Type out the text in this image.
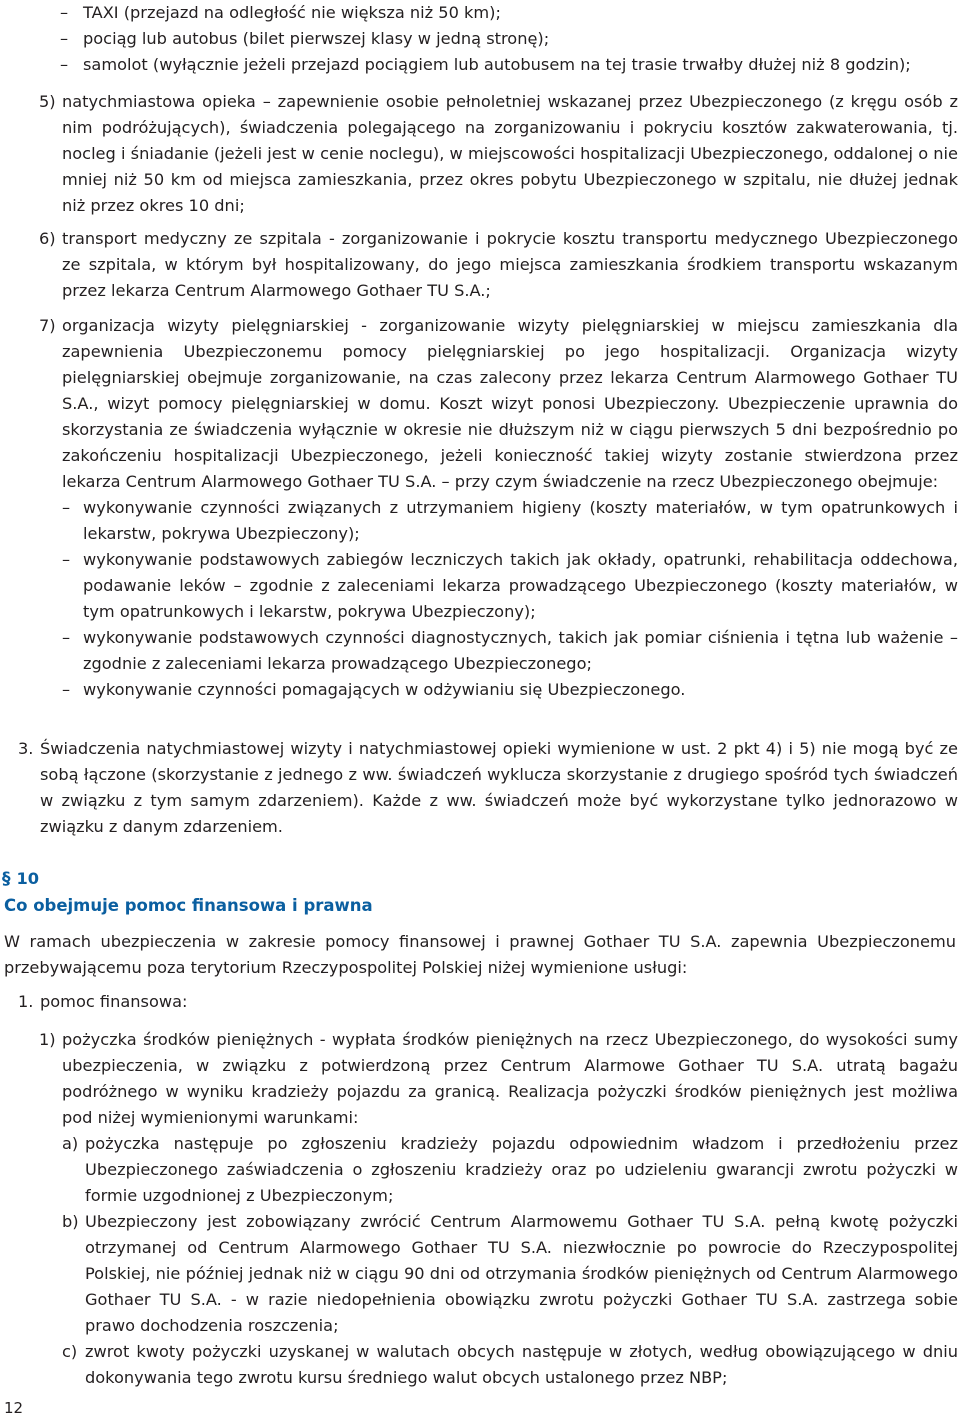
– TAXI (przejazd na odległość nie większa niż 50 km);

– pociąg lub autobus (bilet pierwszej klasy w jedną stronę);

– samolot (wyłącznie jeżeli przejazd pociągiem lub autobusem na tej trasie trwałby dłużej niż 8 godzin);

5) natychmiastowa opieka – zapewnienie osobie pełnoletniej wskazanej przez Ubezpieczonego (z kręgu osób z nim podróżujących), świadczenia polegającego na zorganizowaniu i pokryciu kosztów zakwaterowania, tj. nocleg i śniadanie (jeżeli jest w cenie noclegu), w miejscowości hospitalizacji Ubezpieczonego, oddalonej o nie mniej niż 50 km od miejsca zamieszkania, przez okres pobytu Ubezpieczonego w szpitalu, nie dłużej jednak niż przez okres 10 dni;

6) transport medyczny ze szpitala - zorganizowanie i pokrycie kosztu transportu medycznego Ubezpieczonego ze szpitala, w którym był hospitalizowany, do jego miejsca zamieszkania środkiem transportu wskazanym przez lekarza Centrum Alarmowego Gothaer TU S.A.;

7) organizacja wizyty pielęgniarskiej - zorganizowanie wizyty pielęgniarskiej w miejscu zamieszkania dla zapewnienia Ubezpieczonemu pomocy pielęgniarskiej po jego hospitalizacji. Organizacja wizyty pielęgniarskiej obejmuje zorganizowanie, na czas zalecony przez lekarza Centrum Alarmowego Gothaer TU S.A., wizyt pomocy pielęgniarskiej w domu. Koszt wizyt ponosi Ubezpieczony. Ubezpieczenie uprawnia do skorzystania ze świadczenia wyłącznie w okresie nie dłuższym niż w ciągu pierwszych 5 dni bezpośrednio po zakończeniu hospitalizacji Ubezpieczonego, jeżeli konieczność takiej wizyty zostanie stwierdzona przez lekarza Centrum Alarmowego Gothaer TU S.A. – przy czym świadczenie na rzecz Ubezpieczonego obejmuje:

– wykonywanie czynności związanych z utrzymaniem higieny (koszty materiałów, w tym opatrunkowych i lekarstw, pokrywa Ubezpieczony);

– wykonywanie podstawowych zabiegów leczniczych takich jak okłady, opatrunki, rehabilitacja oddechowa, podawanie leków – zgodnie z zaleceniami lekarza prowadzącego Ubezpieczonego (koszty materiałów, w tym opatrunkowych i lekarstw, pokrywa Ubezpieczony);

– wykonywanie podstawowych czynności diagnostycznych, takich jak pomiar ciśnienia i tętna lub ważenie – zgodnie z zaleceniami lekarza prowadzącego Ubezpieczonego;

– wykonywanie czynności pomagających w odżywianiu się Ubezpieczonego.

3. Świadczenia natychmiastowej wizyty i natychmiastowej opieki wymienione w ust. 2 pkt 4) i 5) nie mogą być ze sobą łączone (skorzystanie z jednego z ww. świadczeń wyklucza skorzystanie z drugiego spośród tych świadczeń w związku z tym samym zdarzeniem). Każde z ww. świadczeń może być wykorzystane tylko jednorazowo w związku z danym zdarzeniem.

§ 10
Co obejmuje pomoc finansowa i prawna

W ramach ubezpieczenia w zakresie pomocy finansowej i prawnej Gothaer TU S.A. zapewnia Ubezpieczonemu przebywającemu poza terytorium Rzeczypospolitej Polskiej niżej wymienione usługi:

1. pomoc finansowa:

1) pożyczka środków pieniężnych - wypłata środków pieniężnych na rzecz Ubezpieczonego, do wysokości sumy ubezpieczenia, w związku z potwierdzoną przez Centrum Alarmowe Gothaer TU S.A. utratą bagażu podróżnego w wyniku kradzieży pojazdu za granicą. Realizacja pożyczki środków pieniężnych jest możliwa pod niżej wymienionymi warunkami:

a) pożyczka następuje po zgłoszeniu kradzieży pojazdu odpowiednim władzom i przedłożeniu przez Ubezpieczonego zaświadczenia o zgłoszeniu kradzieży oraz po udzieleniu gwarancji zwrotu pożyczki w formie uzgodnionej z Ubezpieczonym;

b) Ubezpieczony jest zobowiązany zwrócić Centrum Alarmowemu Gothaer TU S.A. pełną kwotę pożyczki otrzymanej od Centrum Alarmowego Gothaer TU S.A. niezwłocznie po powrocie do Rzeczypospolitej Polskiej, nie później jednak niż w ciągu 90 dni od otrzymania środków pieniężnych od Centrum Alarmowego Gothaer TU S.A. - w razie niedopełnienia obowiązku zwrotu pożyczki Gothaer TU S.A. zastrzega sobie prawo dochodzenia roszczenia;

c) zwrot kwoty pożyczki uzyskanej w walutach obcych następuje w złotych, według obowiązującego w dniu dokonywania tego zwrotu kursu średniego walut obcych ustalonego przez NBP;

12
